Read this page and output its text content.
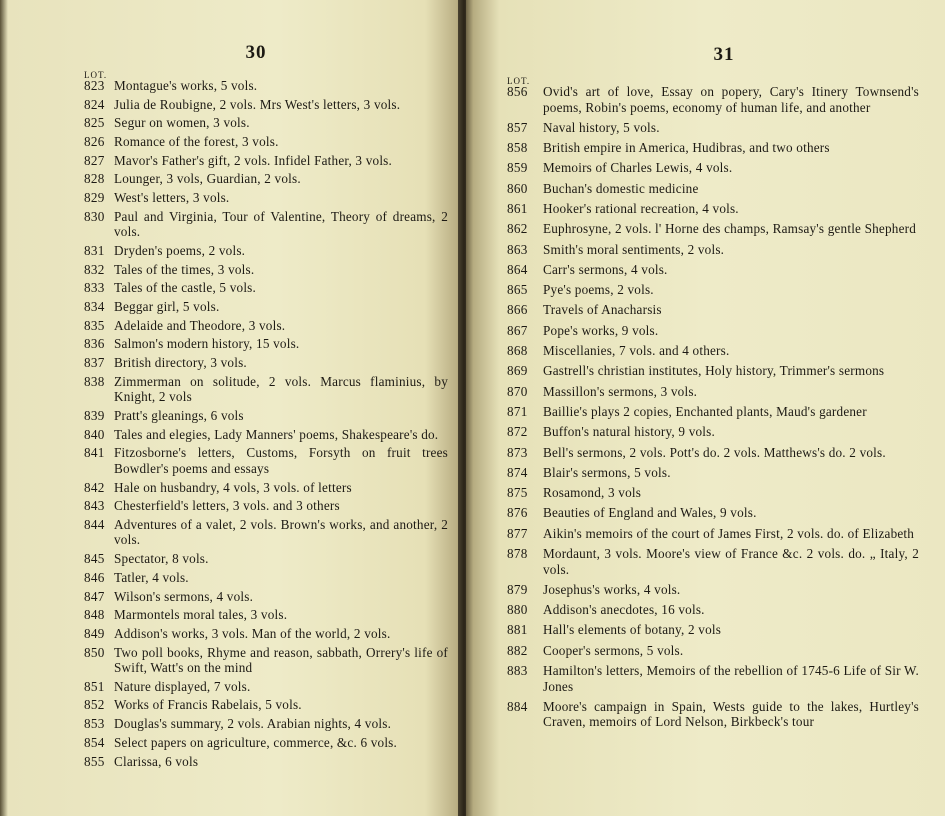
30
LOT.
823 Montague's works, 5 vols.
824 Julia de Roubigne, 2 vols. Mrs West's letters, 3 vols.
825 Segur on women, 3 vols.
826 Romance of the forest, 3 vols.
827 Mavor's Father's gift, 2 vols. Infidel Father, 3 vols.
828 Lounger, 3 vols, Guardian, 2 vols.
829 West's letters, 3 vols.
830 Paul and Virginia, Tour of Valentine, Theory of dreams, 2 vols.
831 Dryden's poems, 2 vols.
832 Tales of the times, 3 vols.
833 Tales of the castle, 5 vols.
834 Beggar girl, 5 vols.
835 Adelaide and Theodore, 3 vols.
836 Salmon's modern history, 15 vols.
837 British directory, 3 vols.
838 Zimmerman on solitude, 2 vols. Marcus flaminius, by Knight, 2 vols
839 Pratt's gleanings, 6 vols
840 Tales and elegies, Lady Manners' poems, Shakespeare's do.
841 Fitzosborne's letters, Customs, Forsyth on fruit trees Bowdler's poems and essays
842 Hale on husbandry, 4 vols, 3 vols. of letters
843 Chesterfield's letters, 3 vols. and 3 others
844 Adventures of a valet, 2 vols. Brown's works, and another, 2 vols.
845 Spectator, 8 vols.
846 Tatler, 4 vols.
847 Wilson's sermons, 4 vols.
848 Marmontels moral tales, 3 vols.
849 Addison's works, 3 vols. Man of the world, 2 vols.
850 Two poll books, Rhyme and reason, sabbath, Orrery's life of Swift, Watt's on the mind
851 Nature displayed, 7 vols.
852 Works of Francis Rabelais, 5 vols.
853 Douglas's summary, 2 vols. Arabian nights, 4 vols.
854 Select papers on agriculture, commerce, &c. 6 vols.
855 Clarissa, 6 vols
31
LOT.
856	Ovid's art of love, Essay on popery, Cary's Itinery Townsend's poems, Robin's poems, economy of human life, and another
857	Naval history, 5 vols.
858	British empire in America, Hudibras, and two others
859	Memoirs of Charles Lewis, 4 vols.
860	Buchan's domestic medicine
861	Hooker's rational recreation, 4 vols.
862	Euphrosyne, 2 vols. l' Horne des champs, Ramsay's gentle Shepherd
863	Smith's moral sentiments, 2 vols.
864	Carr's sermons, 4 vols.
865	Pye's poems, 2 vols.
866	Travels of Anacharsis
867	Pope's works, 9 vols.
868	Miscellanies, 7 vols. and 4 others.
869	Gastrell's christian institutes, Holy history, Trimmer's sermons
870	Massillon's sermons, 3 vols.
871	Baillie's plays 2 copies, Enchanted plants, Maud's gardener
872	Buffon's natural history, 9 vols.
873	Bell's sermons, 2 vols. Pott's do. 2 vols. Matthews's do. 2 vols.
874	Blair's sermons, 5 vols.
875	Rosamond, 3 vols
876	Beauties of England and Wales, 9 vols.
877	Aikin's memoirs of the court of James First, 2 vols. do. of Elizabeth
878	Mordaunt, 3 vols. Moore's view of France &c. 2 vols. do. „ Italy, 2 vols.
879	Josephus's works, 4 vols.
880	Addison's anecdotes, 16 vols.
881	Hall's elements of botany, 2 vols
882	Cooper's sermons, 5 vols.
883	Hamilton's letters, Memoirs of the rebellion of 1745-6 Life of Sir W. Jones
884	Moore's campaign in Spain, Wests guide to the lakes, Hurtley's Craven, memoirs of Lord Nelson, Birkbeck's tour
